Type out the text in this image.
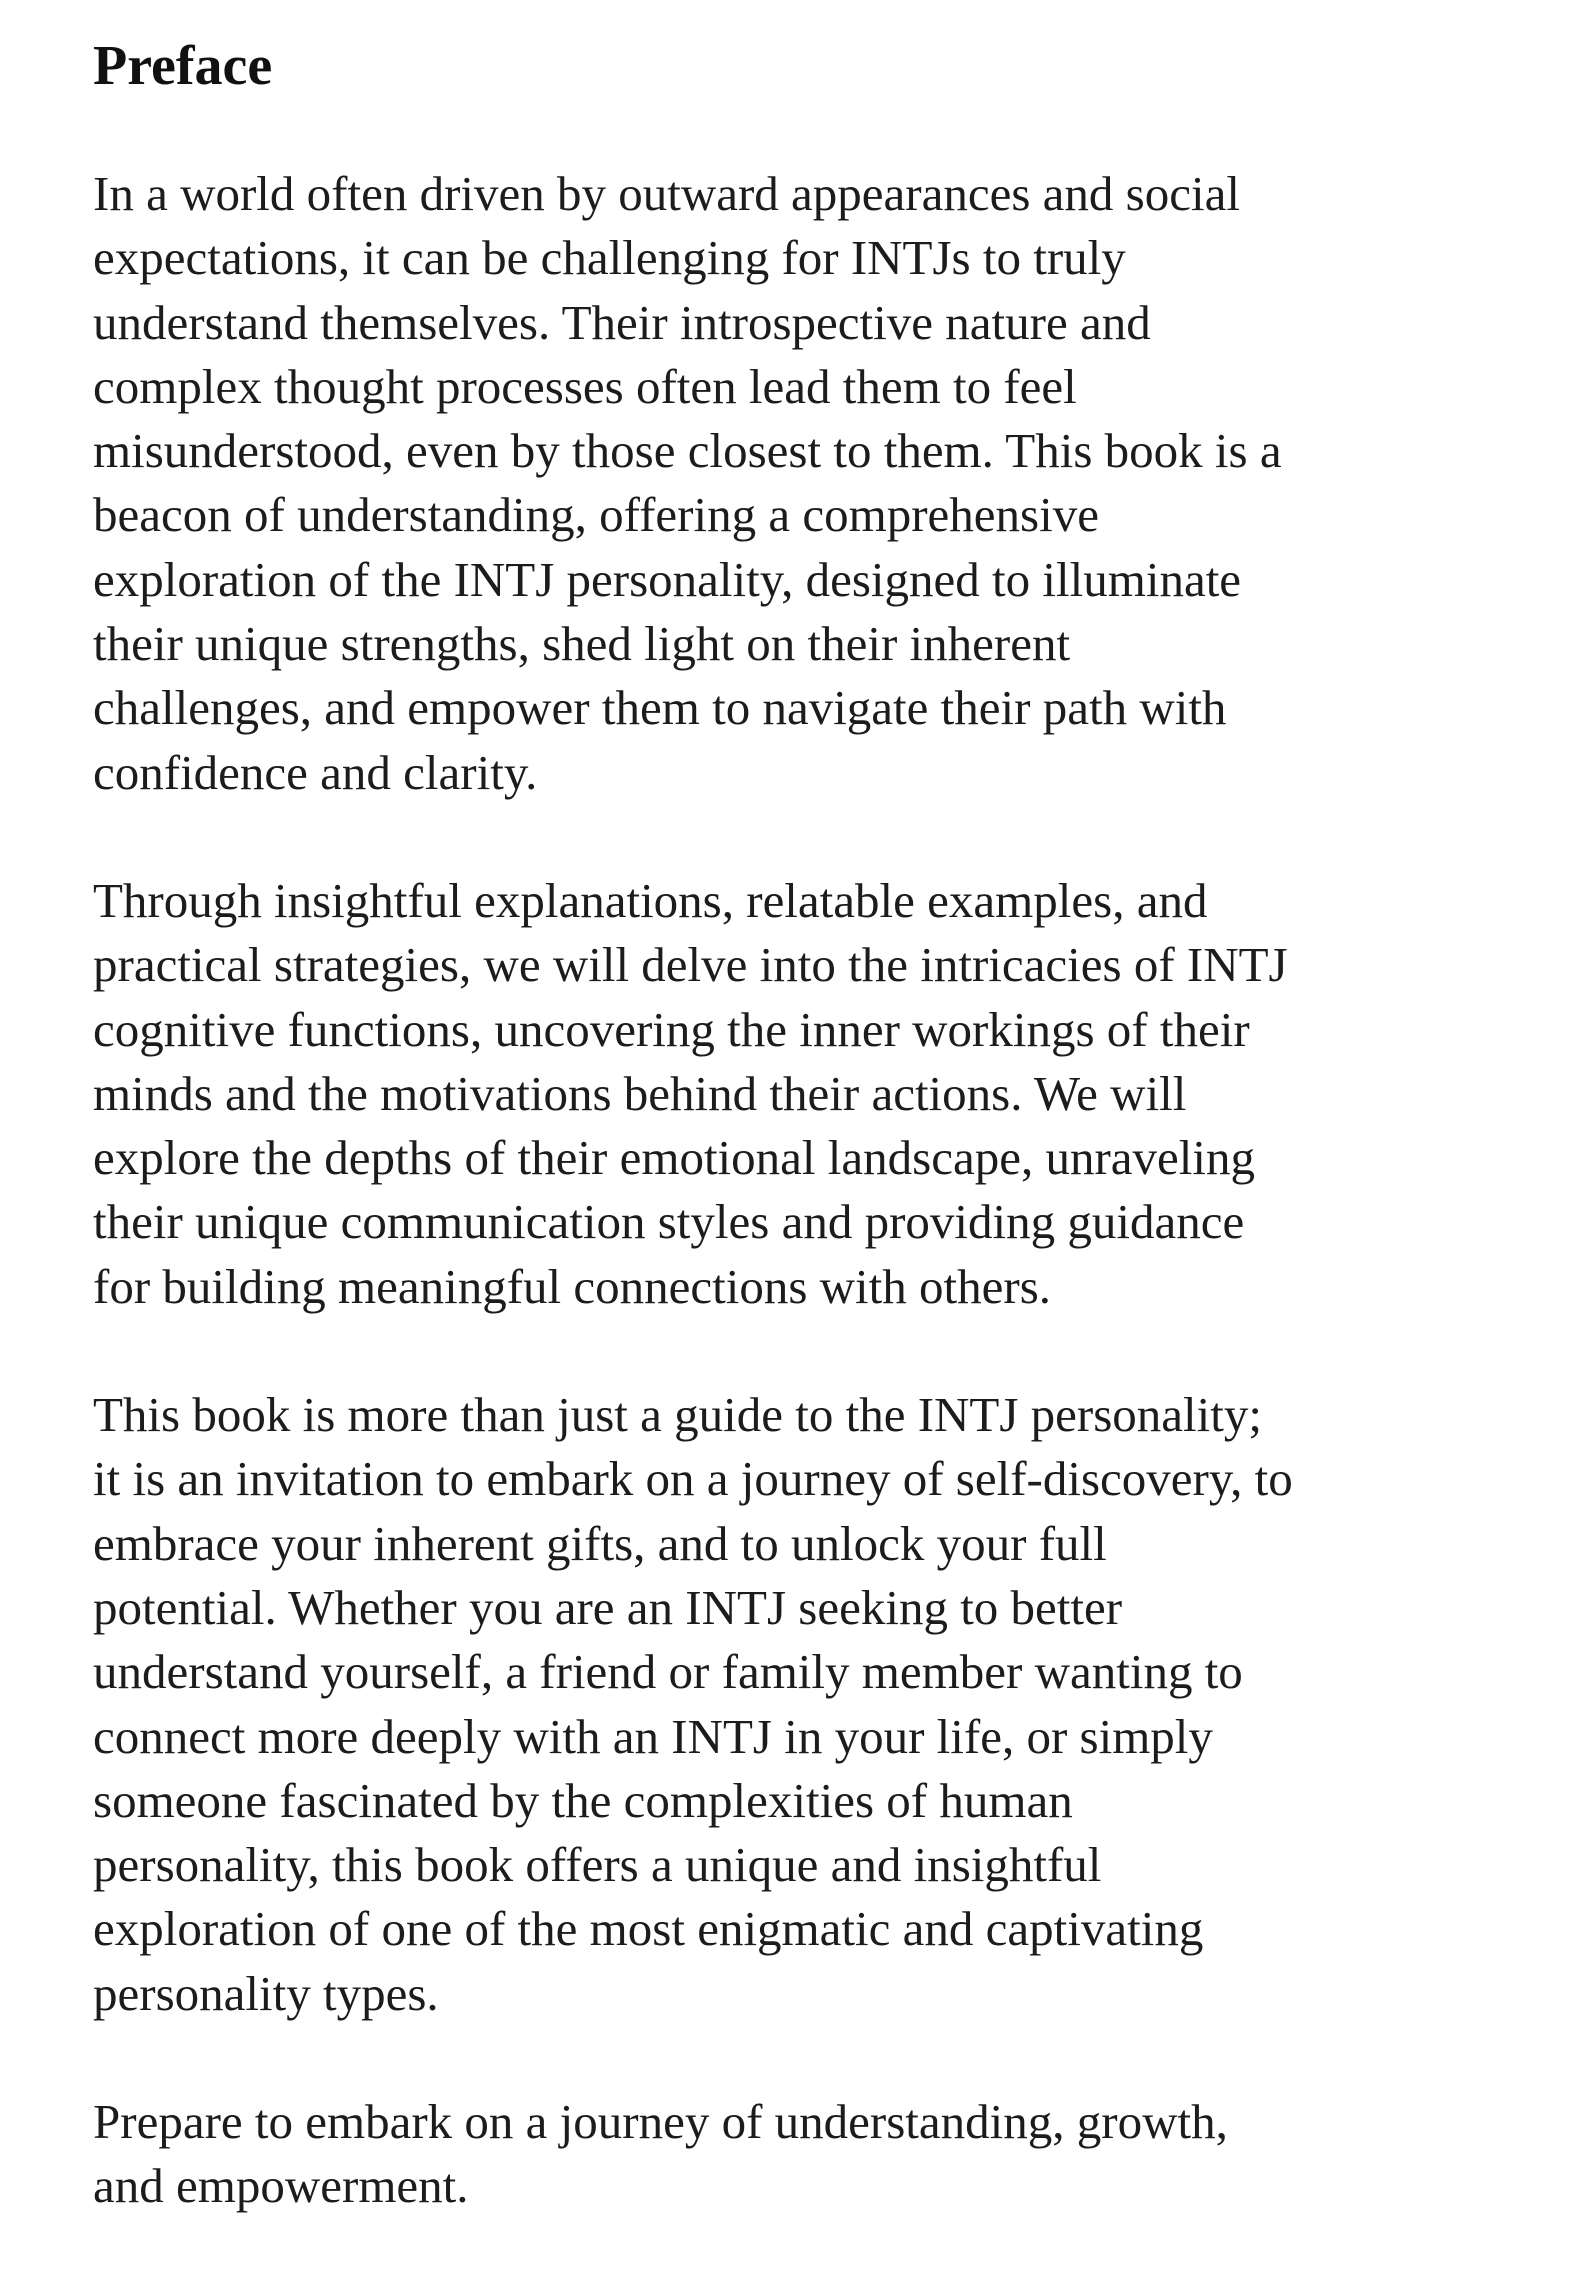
Preface

In a world often driven by outward appearances and social
expectations, it can be challenging for INTJs to truly
understand themselves. Their introspective nature and
complex thought processes often lead them to feel
misunderstood, even by those closest to them. This book is a
beacon of understanding, offering a comprehensive
exploration of the INTJ personality, designed to illuminate
their unique strengths, shed light on their inherent
challenges, and empower them to navigate their path with
confidence and clarity.

Through insightful explanations, relatable examples, and
practical strategies, we will delve into the intricacies of INTJ
cognitive functions, uncovering the inner workings of their
minds and the motivations behind their actions. We will
explore the depths of their emotional landscape, unraveling
their unique communication styles and providing guidance
for building meaningful connections with others.

This book is more than just a guide to the INTJ personality;
it is an invitation to embark on a journey of self-discovery, to
embrace your inherent gifts, and to unlock your full
potential. Whether you are an INTJ seeking to better
understand yourself, a friend or family member wanting to
connect more deeply with an INTJ in your life, or simply
someone fascinated by the complexities of human
personality, this book offers a unique and insightful
exploration of one of the most enigmatic and captivating
personality types.

Prepare to embark on a journey of understanding, growth,
and empowerment.
